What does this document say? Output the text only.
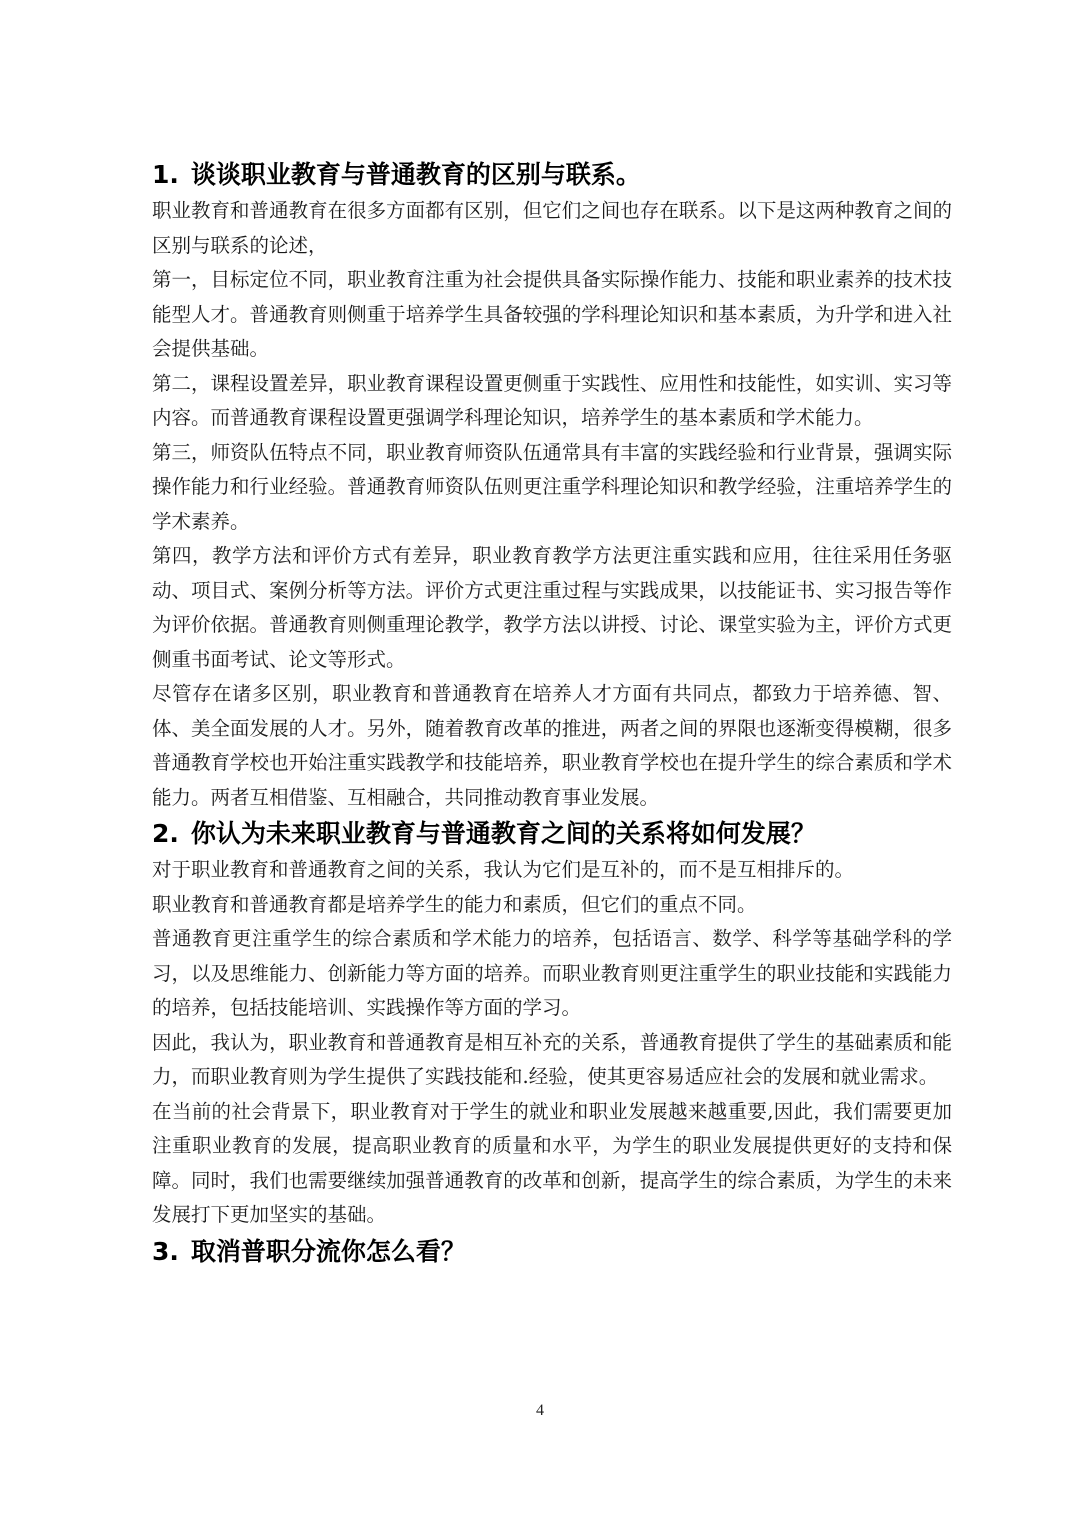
1. 谈谈职业教育与普通教育的区别与联系。

职业教育和普通教育在很多方面都有区别，但它们之间也存在联系。以下是这两种教育之间的区别与联系的论述，

第一，目标定位不同，职业教育注重为社会提供具备实际操作能力、技能和职业素养的技术技能型人才。普通教育则侧重于培养学生具备较强的学科理论知识和基本素质，为升学和进入社会提供基础。

第二，课程设置差异，职业教育课程设置更侧重于实践性、应用性和技能性，如实训、实习等内容。而普通教育课程设置更强调学科理论知识，培养学生的基本素质和学术能力。

第三，师资队伍特点不同，职业教育师资队伍通常具有丰富的实践经验和行业背景，强调实际操作能力和行业经验。普通教育师资队伍则更注重学科理论知识和教学经验，注重培养学生的学术素养。

第四，教学方法和评价方式有差异，职业教育教学方法更注重实践和应用，往往采用任务驱动、项目式、案例分析等方法。评价方式更注重过程与实践成果，以技能证书、实习报告等作为评价依据。普通教育则侧重理论教学，教学方法以讲授、讨论、课堂实验为主，评价方式更侧重书面考试、论文等形式。

尽管存在诸多区别，职业教育和普通教育在培养人才方面有共同点，都致力于培养德、智、体、美全面发展的人才。另外，随着教育改革的推进，两者之间的界限也逐渐变得模糊，很多普通教育学校也开始注重实践教学和技能培养，职业教育学校也在提升学生的综合素质和学术能力。两者互相借鉴、互相融合，共同推动教育事业发展。

2. 你认为未来职业教育与普通教育之间的关系将如何发展？

对于职业教育和普通教育之间的关系，我认为它们是互补的，而不是互相排斥的。

职业教育和普通教育都是培养学生的能力和素质，但它们的重点不同。

普通教育更注重学生的综合素质和学术能力的培养，包括语言、数学、科学等基础学科的学习，以及思维能力、创新能力等方面的培养。而职业教育则更注重学生的职业技能和实践能力的培养，包括技能培训、实践操作等方面的学习。

因此，我认为，职业教育和普通教育是相互补充的关系，普通教育提供了学生的基础素质和能力，而职业教育则为学生提供了实践技能和.经验，使其更容易适应社会的发展和就业需求。

在当前的社会背景下，职业教育对于学生的就业和职业发展越来越重要,因此，我们需要更加注重职业教育的发展，提高职业教育的质量和水平，为学生的职业发展提供更好的支持和保障。同时，我们也需要继续加强普通教育的改革和创新，提高学生的综合素质，为学生的未来发展打下更加坚实的基础。

3. 取消普职分流你怎么看？
4
